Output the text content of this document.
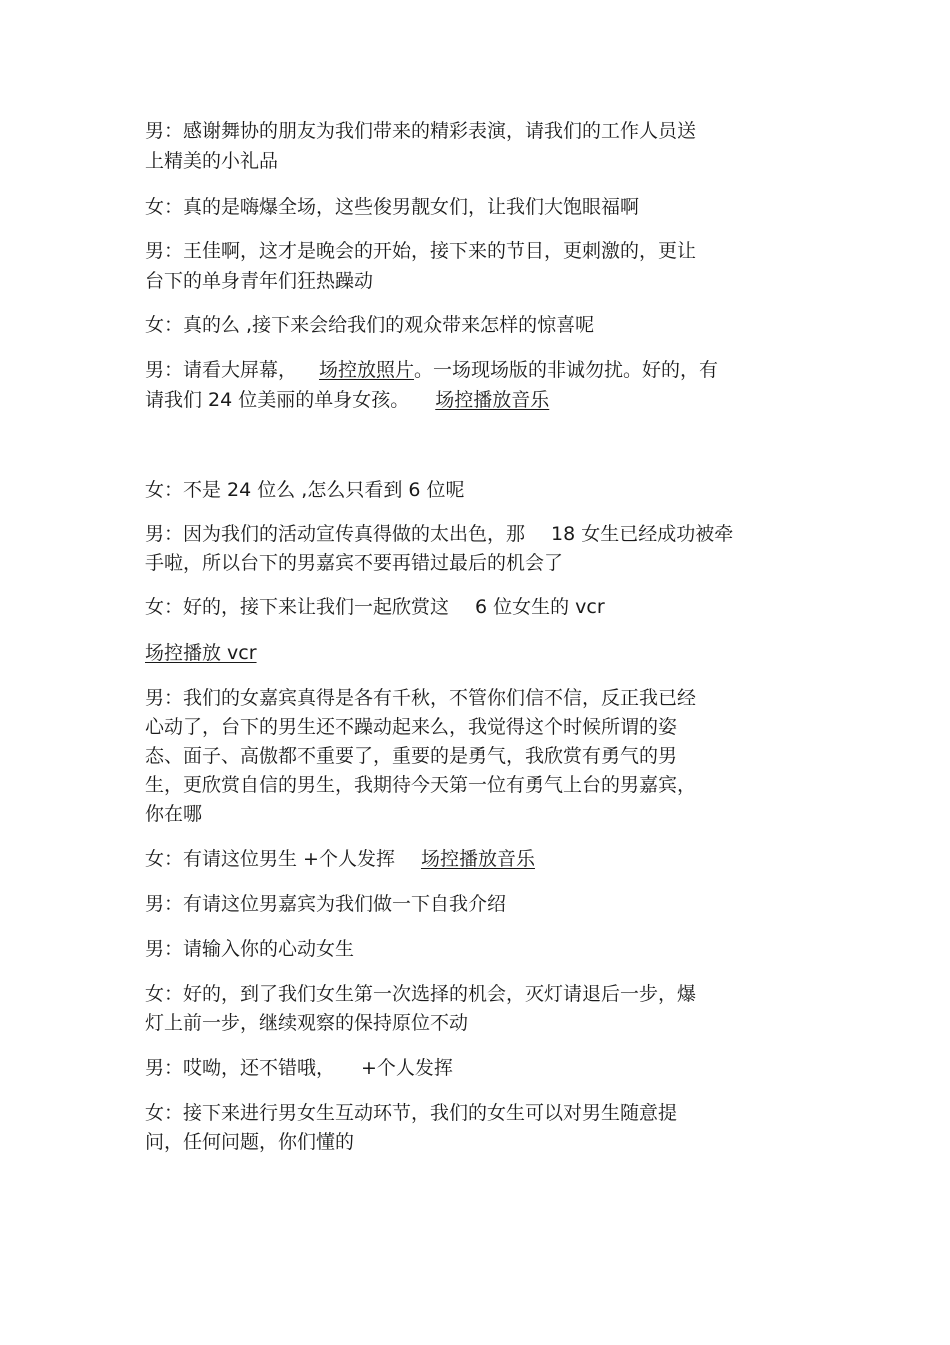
男：感谢舞协的朋友为我们带来的精彩表演，请我们的工作人员送
上精美的小礼品
女：真的是嗨爆全场，这些俊男靓女们，让我们大饱眼福啊
男：王佳啊，这才是晚会的开始，接下来的节目，更刺激的，更让
台下的单身青年们狂热躁动
女：真的么 ,接下来会给我们的观众带来怎样的惊喜呢
男：请看大屏幕， 场控放照片。一场现场版的非诚勿扰。好的，有
请我们 24 位美丽的单身女孩。 场控播放音乐
女：不是 24 位么 ,怎么只看到 6 位呢
男：因为我们的活动宣传真得做的太出色，那 18 女生已经成功被牵
手啦，所以台下的男嘉宾不要再错过最后的机会了
女：好的，接下来让我们一起欣赏这 6 位女生的 vcr
场控播放 vcr
男：我们的女嘉宾真得是各有千秋，不管你们信不信，反正我已经
心动了，台下的男生还不躁动起来么，我觉得这个时候所谓的姿
态、面子、高傲都不重要了，重要的是勇气，我欣赏有勇气的男
生，更欣赏自信的男生，我期待今天第一位有勇气上台的男嘉宾，
你在哪
女：有请这位男生 +个人发挥 场控播放音乐
男：有请这位男嘉宾为我们做一下自我介绍
男：请输入你的心动女生
女：好的，到了我们女生第一次选择的机会，灭灯请退后一步，爆
灯上前一步，继续观察的保持原位不动
男：哎呦，还不错哦， +个人发挥
女：接下来进行男女生互动环节，我们的女生可以对男生随意提
问，任何问题，你们懂的
